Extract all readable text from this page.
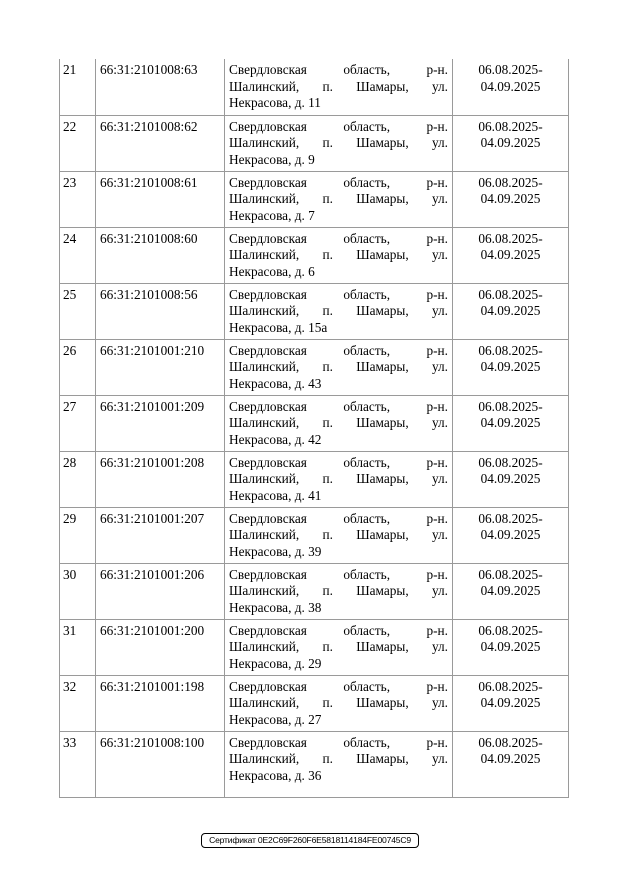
21	66:31:2101008:63	Свердловская область, р-н.
Шалинский, п. Шамары, ул.
Некрасова, д. 11	06.08.2025-
04.09.2025

22	66:31:2101008:62	Свердловская область, р-н.
Шалинский, п. Шамары, ул.
Некрасова, д. 9	06.08.2025-
04.09.2025

23	66:31:2101008:61	Свердловская область, р-н.
Шалинский, п. Шамары, ул.
Некрасова, д. 7	06.08.2025-
04.09.2025

24	66:31:2101008:60	Свердловская область, р-н.
Шалинский, п. Шамары, ул.
Некрасова, д. 6	06.08.2025-
04.09.2025

25	66:31:2101008:56	Свердловская область, р-н.
Шалинский, п. Шамары, ул.
Некрасова, д. 15а	06.08.2025-
04.09.2025

26	66:31:2101001:210	Свердловская область, р-н.
Шалинский, п. Шамары, ул.
Некрасова, д. 43	06.08.2025-
04.09.2025

27	66:31:2101001:209	Свердловская область, р-н.
Шалинский, п. Шамары, ул.
Некрасова, д. 42	06.08.2025-
04.09.2025

28	66:31:2101001:208	Свердловская область, р-н.
Шалинский, п. Шамары, ул.
Некрасова, д. 41	06.08.2025-
04.09.2025

29	66:31:2101001:207	Свердловская область, р-н.
Шалинский, п. Шамары, ул.
Некрасова, д. 39	06.08.2025-
04.09.2025

30	66:31:2101001:206	Свердловская область, р-н.
Шалинский, п. Шамары, ул.
Некрасова, д. 38	06.08.2025-
04.09.2025

31	66:31:2101001:200	Свердловская область, р-н.
Шалинский, п. Шамары, ул.
Некрасова, д. 29	06.08.2025-
04.09.2025

32	66:31:2101001:198	Свердловская область, р-н.
Шалинский, п. Шамары, ул.
Некрасова, д. 27	06.08.2025-
04.09.2025

33	66:31:2101008:100	Свердловская область, р-н.
Шалинский, п. Шамары, ул.
Некрасова, д. 36	06.08.2025-
04.09.2025
Сертификат 0E2C69F260F6E5818114184FE00745C9
